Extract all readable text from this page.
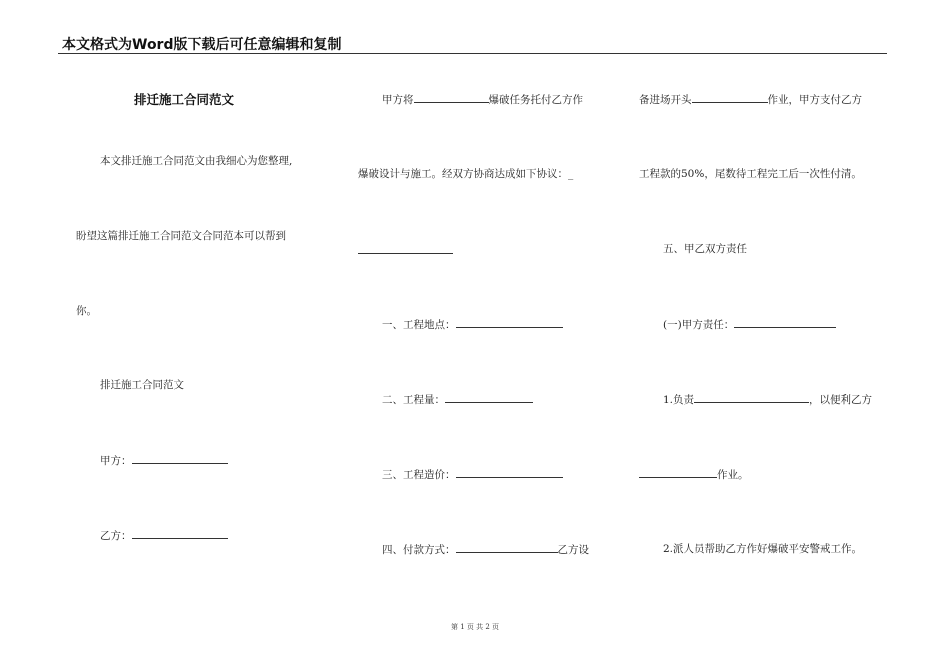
本文格式为Word版下载后可任意编辑和复制
排迁施工合同范文
本文排迁施工合同范文由我细心为您整理,
盼望这篇排迁施工合同范文合同范本可以帮到
你。
排迁施工合同范文
甲方：
乙方：
甲方将	爆破任务托付乙方作
爆破设计与施工。经双方协商达成如下协议：_
一、工程地点：
二、工程量：
三、工程造价：
四、付款方式：	乙方设
备进场开头	作业，甲方支付乙方
工程款的50%，尾数待工程完工后一次性付清。
五、甲乙双方责任
(一)甲方责任：
1.负责	，以便利乙方
作业。
2.派人员帮助乙方作好爆破平安警戒工作。
第 1 页 共 2 页
